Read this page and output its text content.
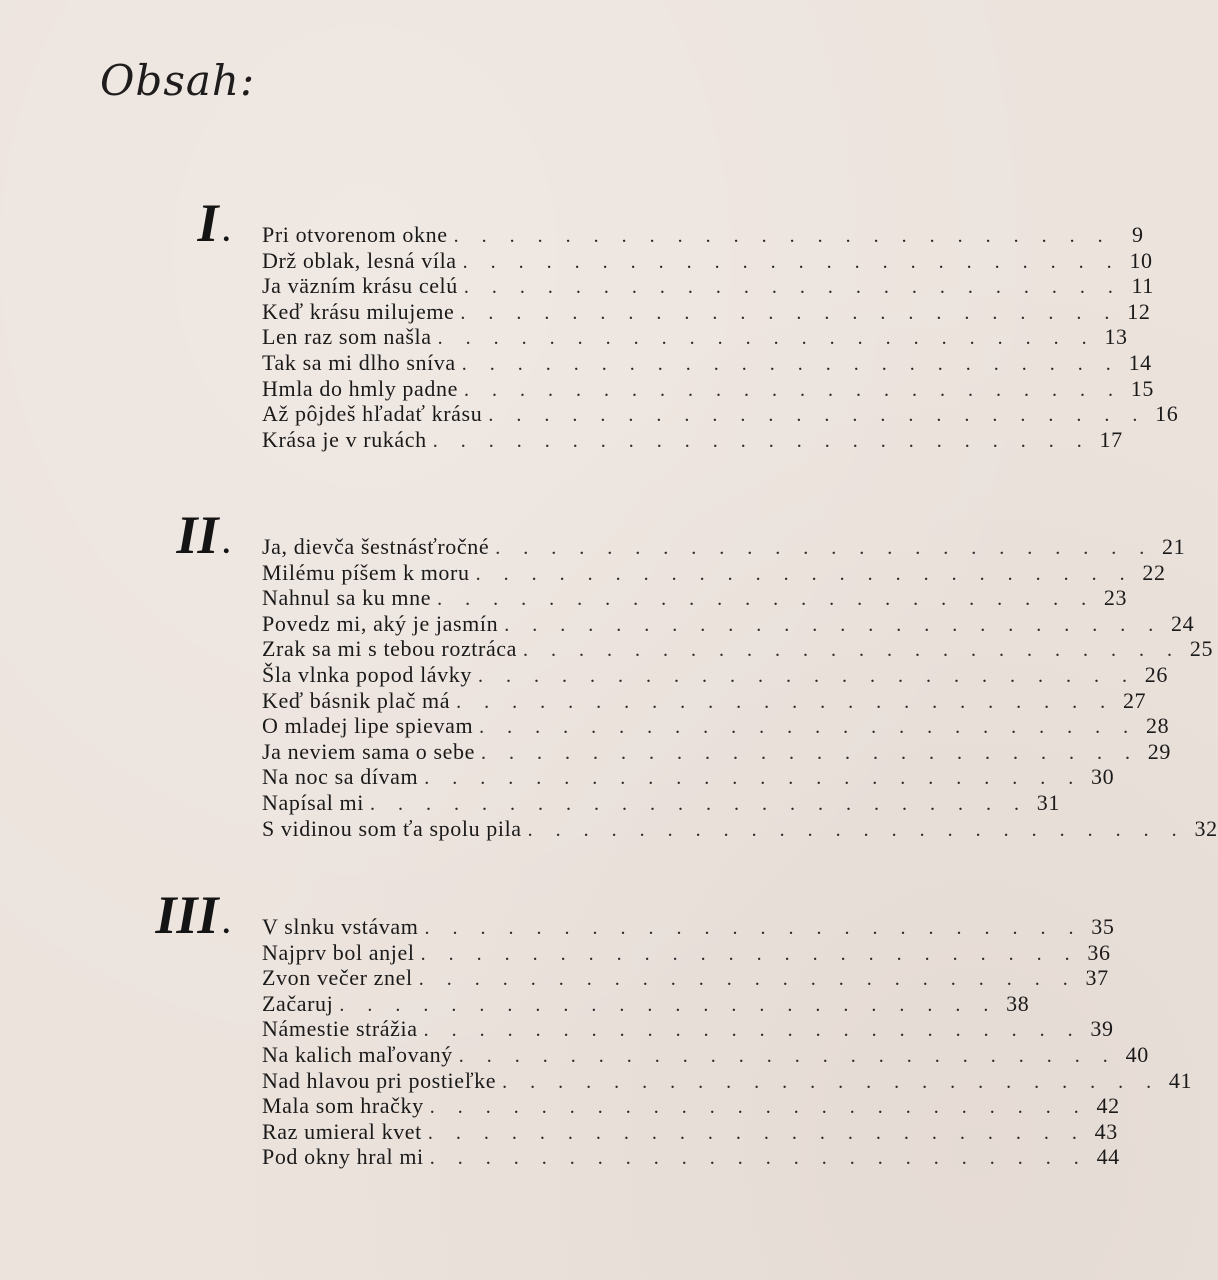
Obsah:
I . Pri otvorenom okne . . . . . . . . . . . . . . . . . . . . . . . . 9
Drž oblak, lesná víla . . . . . . . . . . . . . . . . . . . . . . . . 10
Ja väzním krásu celú . . . . . . . . . . . . . . . . . . . . . . . . 11
Keď krásu milujeme . . . . . . . . . . . . . . . . . . . . . . . . 12
Len raz som našla . . . . . . . . . . . . . . . . . . . . . . . . 13
Tak sa mi dlho sníva . . . . . . . . . . . . . . . . . . . . . . . . 14
Hmla do hmly padne . . . . . . . . . . . . . . . . . . . . . . . . 15
Až pôjdeš hľadať krásu . . . . . . . . . . . . . . . . . . . . . . . . 16
Krása je v rukách . . . . . . . . . . . . . . . . . . . . . . . . 17
II . Ja, dievča šestnásťročné . . . . . . . . . . . . . . . . . . . . . . . . 21
Milému píšem k moru . . . . . . . . . . . . . . . . . . . . . . . . 22
Nahnul sa ku mne . . . . . . . . . . . . . . . . . . . . . . . . 23
Povedz mi, aký je jasmín . . . . . . . . . . . . . . . . . . . . . . . . 24
Zrak sa mi s tebou roztráca . . . . . . . . . . . . . . . . . . . . . . . . 25
Šla vlnka popod lávky . . . . . . . . . . . . . . . . . . . . . . . . 26
Keď básnik plač má . . . . . . . . . . . . . . . . . . . . . . . . 27
O mladej lipe spievam . . . . . . . . . . . . . . . . . . . . . . . . 28
Ja neviem sama o sebe . . . . . . . . . . . . . . . . . . . . . . . . 29
Na noc sa dívam . . . . . . . . . . . . . . . . . . . . . . . . 30
Napísal mi . . . . . . . . . . . . . . . . . . . . . . . . 31
S vidinou som ťa spolu pila . . . . . . . . . . . . . . . . . . . . . . . . 32
III . V slnku vstávam . . . . . . . . . . . . . . . . . . . . . . . . 35
Najprv bol anjel . . . . . . . . . . . . . . . . . . . . . . . . 36
Zvon večer znel . . . . . . . . . . . . . . . . . . . . . . . . 37
Začaruj . . . . . . . . . . . . . . . . . . . . . . . . 38
Námestie strážia . . . . . . . . . . . . . . . . . . . . . . . . 39
Na kalich maľovaný . . . . . . . . . . . . . . . . . . . . . . . . 40
Nad hlavou pri postieľke . . . . . . . . . . . . . . . . . . . . . . . . 41
Mala som hračky . . . . . . . . . . . . . . . . . . . . . . . . 42
Raz umieral kvet . . . . . . . . . . . . . . . . . . . . . . . . 43
Pod okny hral mi . . . . . . . . . . . . . . . . . . . . . . . . 44
